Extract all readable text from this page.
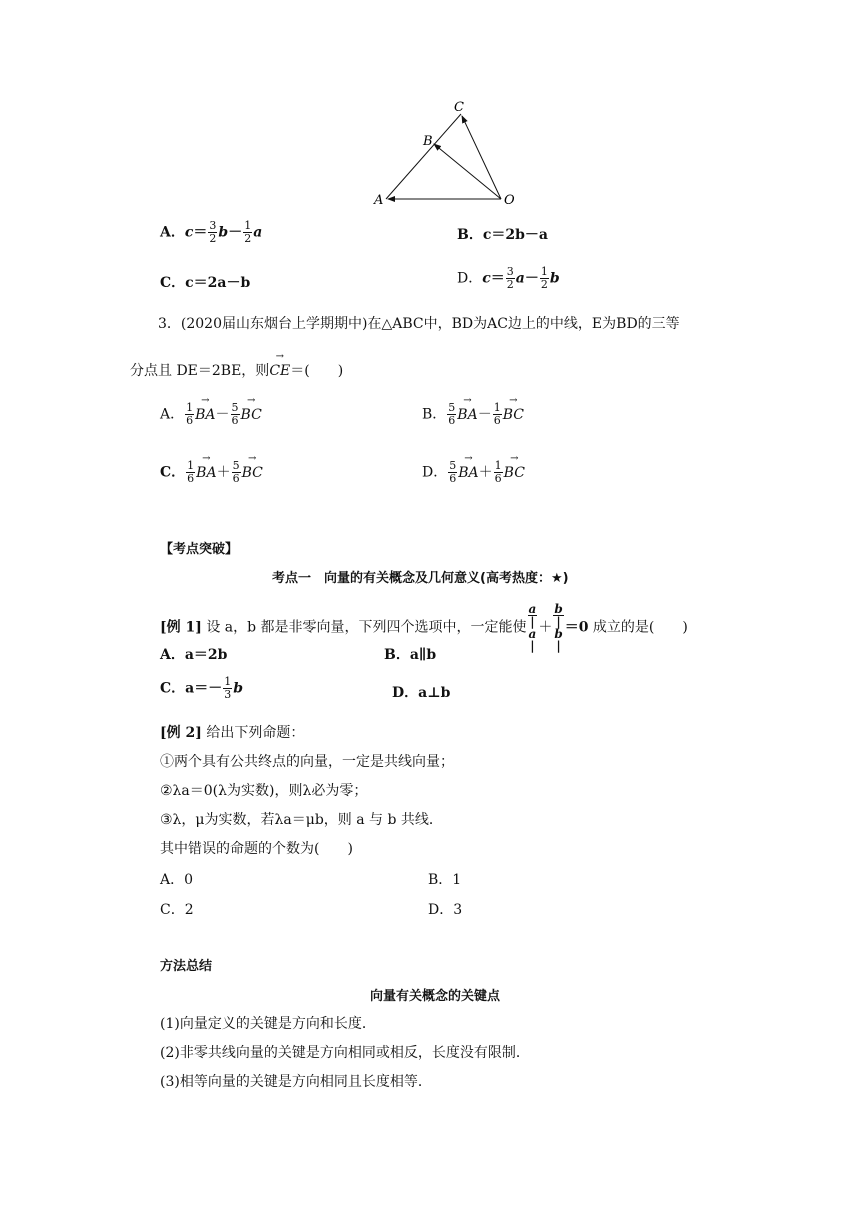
C
B
A	O
A．$c= \frac{3}{2} b- \frac{1}{2}$ a	B．c＝2b－a
C．c＝2a－b	D．$c= \frac{3}{2} a- \frac{1}{2}$ b
3．(2020届山东烟台上学期期中)在△ABC中，BD为AC边上的中线，E为BD的三等
分点且 DE＝2BE，则→ CE＝(　　)
A． $\frac{1}{6}$
→ $BA- \frac{5}{6}$
→ BC	B． $\frac{5}{6}$
→ $BA- \frac{1}{6}$
→ BC
C． $\frac{1}{6}$
→ $BA+ \frac{5}{6}$
→ BC	D． $\frac{5}{6}$
→ $BA+ \frac{1}{6}$
→ BC
【考点突破】
考点一　向量的有关概念及几何意义(高考热度：★)
[例 1] 设 a，b 都是非零向量，下列四个选项中，一定能使 a
|
a
| ＋ b
|
b
| ＝0 成立的是(　　)
A．a＝2b	B．a∥b
C．$a=- \frac{1}{3}$ b	D．a⊥b
[例 2] 给出下列命题：
①两个具有公共终点的向量，一定是共线向量；
②λa＝0(λ为实数)，则λ必为零；
③λ，μ为实数，若λa＝μb，则 a 与 b 共线．
其中错误的命题的个数为(　　)
A．0	B．1
C．2	D．3
方法总结
向量有关概念的关键点
(1)向量定义的关键是方向和长度．
(2)非零共线向量的关键是方向相同或相反，长度没有限制．
(3)相等向量的关键是方向相同且长度相等．
